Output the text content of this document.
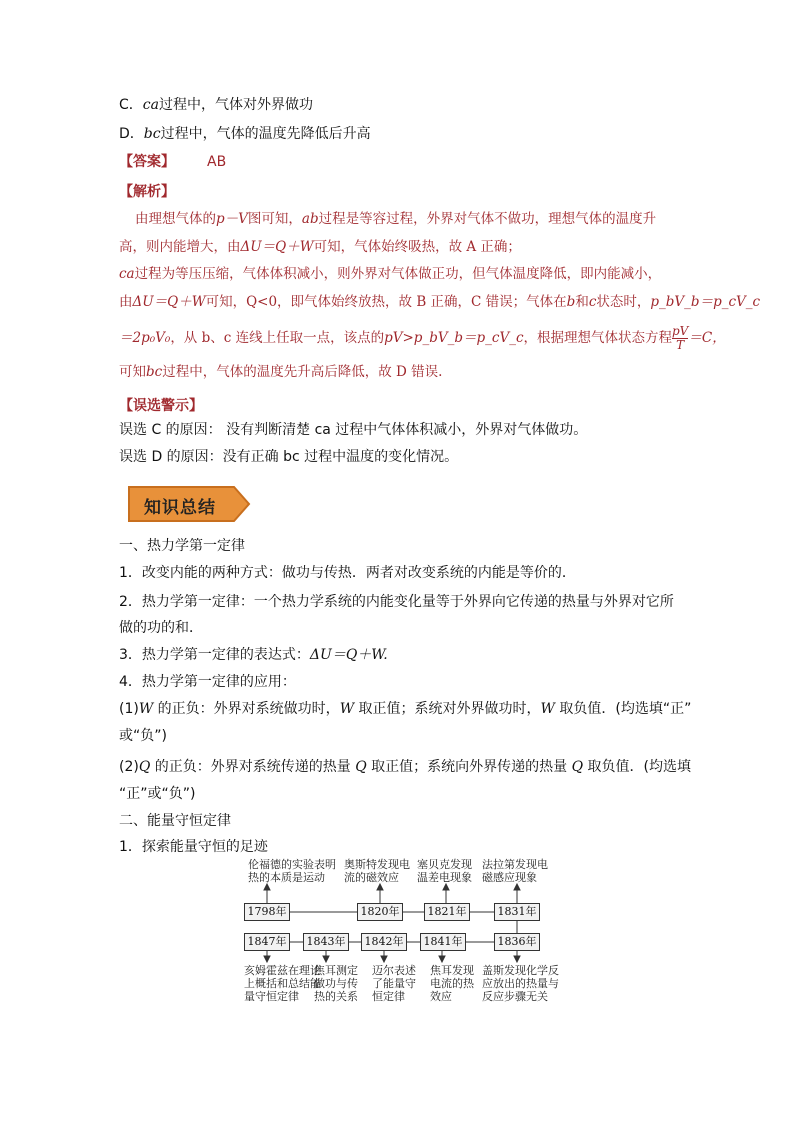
C．ca过程中，气体对外界做功
D．bc过程中，气体的温度先降低后升高
【答案】 AB
【解析】
由理想气体的p－V图可知，ab过程是等容过程，外界对气体不做功，理想气体的温度升
高，则内能增大，由ΔU＝Q＋W可知，气体始终吸热，故 A 正确；
ca过程为等压压缩，气体体积减小，则外界对气体做正功，但气体温度降低，即内能减小，
由ΔU＝Q＋W可知，Q<0，即气体始终放热，故 B 正确，C 错误；气体在b和c状态时，p_bV_b＝p_cV_c
＝2p₀V₀，从 b、c 连线上任取一点，该点的pV>p_bV_b＝p_cV_c，根据理想气体状态方程 $\frac{pV}{T} =C$，
可知bc过程中，气体的温度先升高后降低，故 D 错误.
【误选警示】
误选 C 的原因： 没有判断清楚 ca 过程中气体体积减小，外界对气体做功。
误选 D 的原因：没有正确 bc 过程中温度的变化情况。
知识总结
一、热力学第一定律
1．改变内能的两种方式：做功与传热．两者对改变系统的内能是等价的．
2．热力学第一定律：一个热力学系统的内能变化量等于外界向它传递的热量与外界对它所
做的功的和．
3．热力学第一定律的表达式：ΔU＝Q＋W.
4．热力学第一定律的应用：
(1)W 的正负：外界对系统做功时，W 取正值；系统对外界做功时，W 取负值．(均选填“正”
或“负”)
(2)Q 的正负：外界对系统传递的热量 Q 取正值；系统向外界传递的热量 Q 取负值．(均选填
“正”或“负”)
二、能量守恒定律
1．探索能量守恒的足迹
伦福德的实验表明
热的本质是运动
奥斯特发现电
流的磁效应
塞贝克发现
温差电现象
法拉第发现电
磁感应现象
1798年	1820年	1821年	1831年
1847年	1843年	1842年	1841年	1836年
亥姆霍兹在理论
上概括和总结能
量守恒定律
焦耳测定
做功与传
热的关系
迈尔表述
了能量守
恒定律
焦耳发现
电流的热
效应
盖斯发现化学反
应放出的热量与
反应步骤无关
